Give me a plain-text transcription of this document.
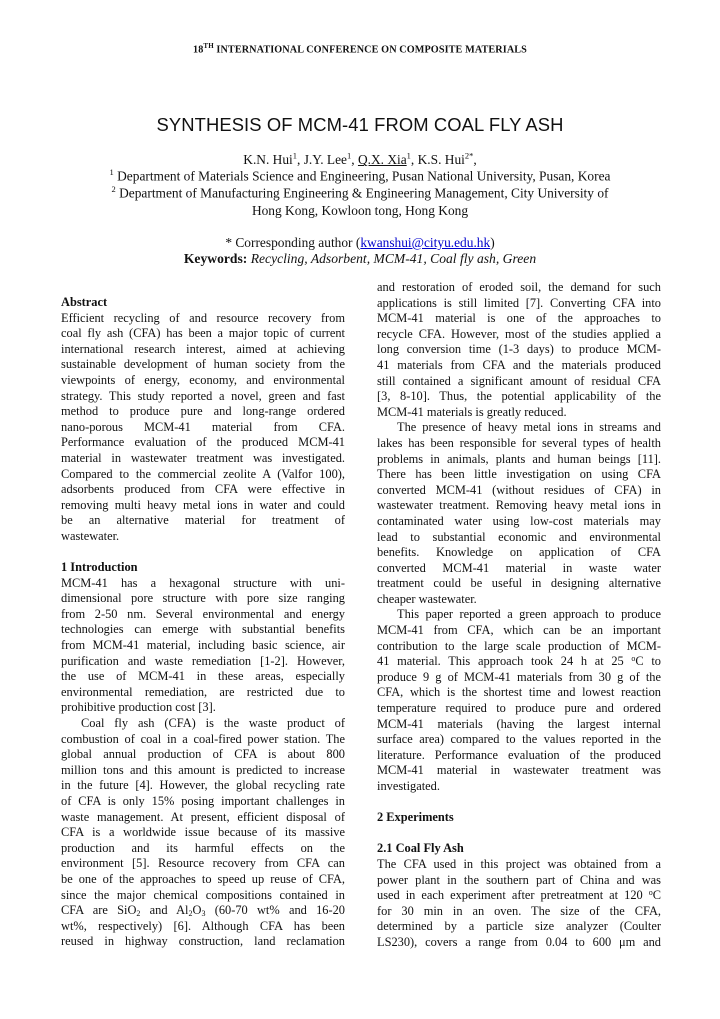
18TH INTERNATIONAL CONFERENCE ON COMPOSITE MATERIALS
SYNTHESIS OF MCM-41 FROM COAL FLY ASH
K.N. Hui$^1$, J.Y. Lee$^1$, Q.X. Xia$^1$, K.S. Hui$^{2*}$,
$^1$ Department of Materials Science and Engineering, Pusan National University, Pusan, Korea
$^2$ Department of Manufacturing Engineering & Engineering Management, City University of
Hong Kong, Kowloon tong, Hong Kong
* Corresponding author (kwanshui@cityu.edu.hk)
Keywords: Recycling, Adsorbent, MCM-41, Coal fly ash, Green
Abstract
Efficient recycling of and resource recovery from
coal fly ash (CFA) has been a major topic of current
international research interest, aimed at achieving
sustainable development of human society from the
viewpoints of energy, economy, and environmental
strategy. This study reported a novel, green and fast
method to produce pure and long-range ordered
nano-porous MCM-41 material from CFA.
Performance evaluation of the produced MCM-41
material in wastewater treatment was investigated.
Compared to the commercial zeolite A (Valfor 100),
adsorbents produced from CFA were effective in
removing multi heavy metal ions in water and could
be an alternative material for treatment of
wastewater.
1 Introduction
MCM-41 has a hexagonal structure with uni-
dimensional pore structure with pore size ranging
from 2-50 nm. Several environmental and energy
technologies can emerge with substantial benefits
from MCM-41 material, including basic science, air
purification and waste remediation [1-2]. However,
the use of MCM-41 in these areas, especially
environmental remediation, are restricted due to
prohibitive production cost [3].
Coal fly ash (CFA) is the waste product of
combustion of coal in a coal-fired power station. The
global annual production of CFA is about 800
million tons and this amount is predicted to increase
in the future [4]. However, the global recycling rate
of CFA is only 15% posing important challenges in
waste management. At present, efficient disposal of
CFA is a worldwide issue because of its massive
production and its harmful effects on the
environment [5]. Resource recovery from CFA can
be one of the approaches to speed up reuse of CFA,
since the major chemical compositions contained in
CFA are SiO$_2$ and $Al_2O_3$ (60-70 wt% and 16-20
wt%, respectively) [6]. Although CFA has been
reused in highway construction, land reclamation
and restoration of eroded soil, the demand for such
applications is still limited [7]. Converting CFA into
MCM-41 material is one of the approaches to
recycle CFA. However, most of the studies applied a
long conversion time (1-3 days) to produce MCM-
41 materials from CFA and the materials produced
still contained a significant amount of residual CFA
[3, 8-10]. Thus, the potential applicability of the
MCM-41 materials is greatly reduced.
The presence of heavy metal ions in streams and
lakes has been responsible for several types of health
problems in animals, plants and human beings [11].
There has been little investigation on using CFA
converted MCM-41 (without residues of CFA) in
wastewater treatment. Removing heavy metal ions in
contaminated water using low-cost materials may
lead to substantial economic and environmental
benefits. Knowledge on application of CFA
converted MCM-41 material in waste water
treatment could be useful in designing alternative
cheaper wastewater.
This paper reported a green approach to produce
MCM-41 from CFA, which can be an important
contribution to the large scale production of MCM-
41 material. This approach took 24 h at 25 $^o$C to
produce 9 g of MCM-41 materials from 30 g of the
CFA, which is the shortest time and lowest reaction
temperature required to produce pure and ordered
MCM-41 materials (having the largest internal
surface area) compared to the values reported in the
literature. Performance evaluation of the produced
MCM-41 material in wastewater treatment was
investigated.
2 Experiments
2.1 Coal Fly Ash
The CFA used in this project was obtained from a
power plant in the southern part of China and was
used in each experiment after pretreatment at 120 $^o$C
for 30 min in an oven. The size of the CFA,
determined by a particle size analyzer (Coulter
LS230), covers a range from 0.04 to 600 μm and
